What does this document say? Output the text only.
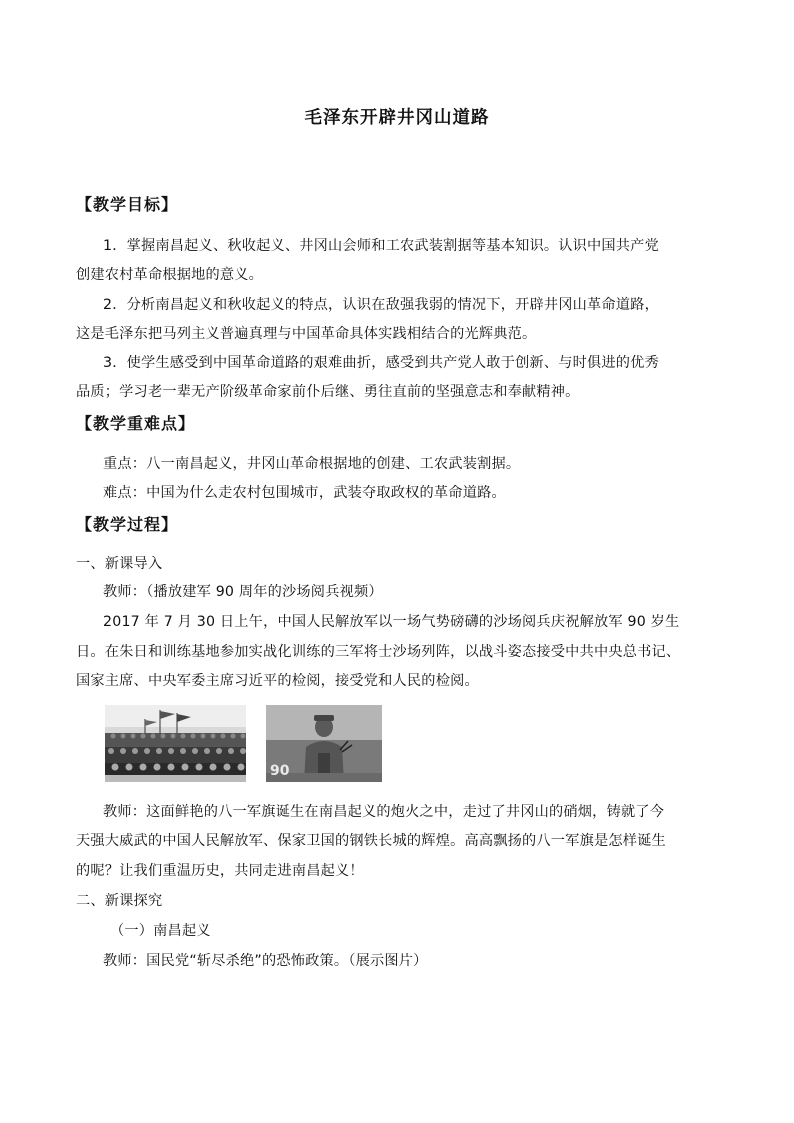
毛泽东开辟井冈山道路
【教学目标】
1．掌握南昌起义、秋收起义、井冈山会师和工农武装割据等基本知识。认识中国共产党
创建农村革命根据地的意义。
2．分析南昌起义和秋收起义的特点，认识在敌强我弱的情况下，开辟井冈山革命道路，
这是毛泽东把马列主义普遍真理与中国革命具体实践相结合的光辉典范。
3．使学生感受到中国革命道路的艰难曲折，感受到共产党人敢于创新、与时俱进的优秀
品质；学习老一辈无产阶级革命家前仆后继、勇往直前的坚强意志和奉献精神。
【教学重难点】
重点：八一南昌起义，井冈山革命根据地的创建、工农武装割据。
难点：中国为什么走农村包围城市，武装夺取政权的革命道路。
【教学过程】
一、新课导入
教师：（播放建军 90 周年的沙场阅兵视频）
2017 年 7 月 30 日上午，中国人民解放军以一场气势磅礴的沙场阅兵庆祝解放军 90 岁生
日。在朱日和训练基地参加实战化训练的三军将士沙场列阵，以战斗姿态接受中共中央总书记、
国家主席、中央军委主席习近平的检阅，接受党和人民的检阅。
90
教师：这面鲜艳的八一军旗诞生在南昌起义的炮火之中，走过了井冈山的硝烟，铸就了今
天强大威武的中国人民解放军、保家卫国的钢铁长城的辉煌。高高飘扬的八一军旗是怎样诞生
的呢？让我们重温历史，共同走进南昌起义！
二、新课探究
（一）南昌起义
教师：国民党“斩尽杀绝”的恐怖政策。（展示图片）
